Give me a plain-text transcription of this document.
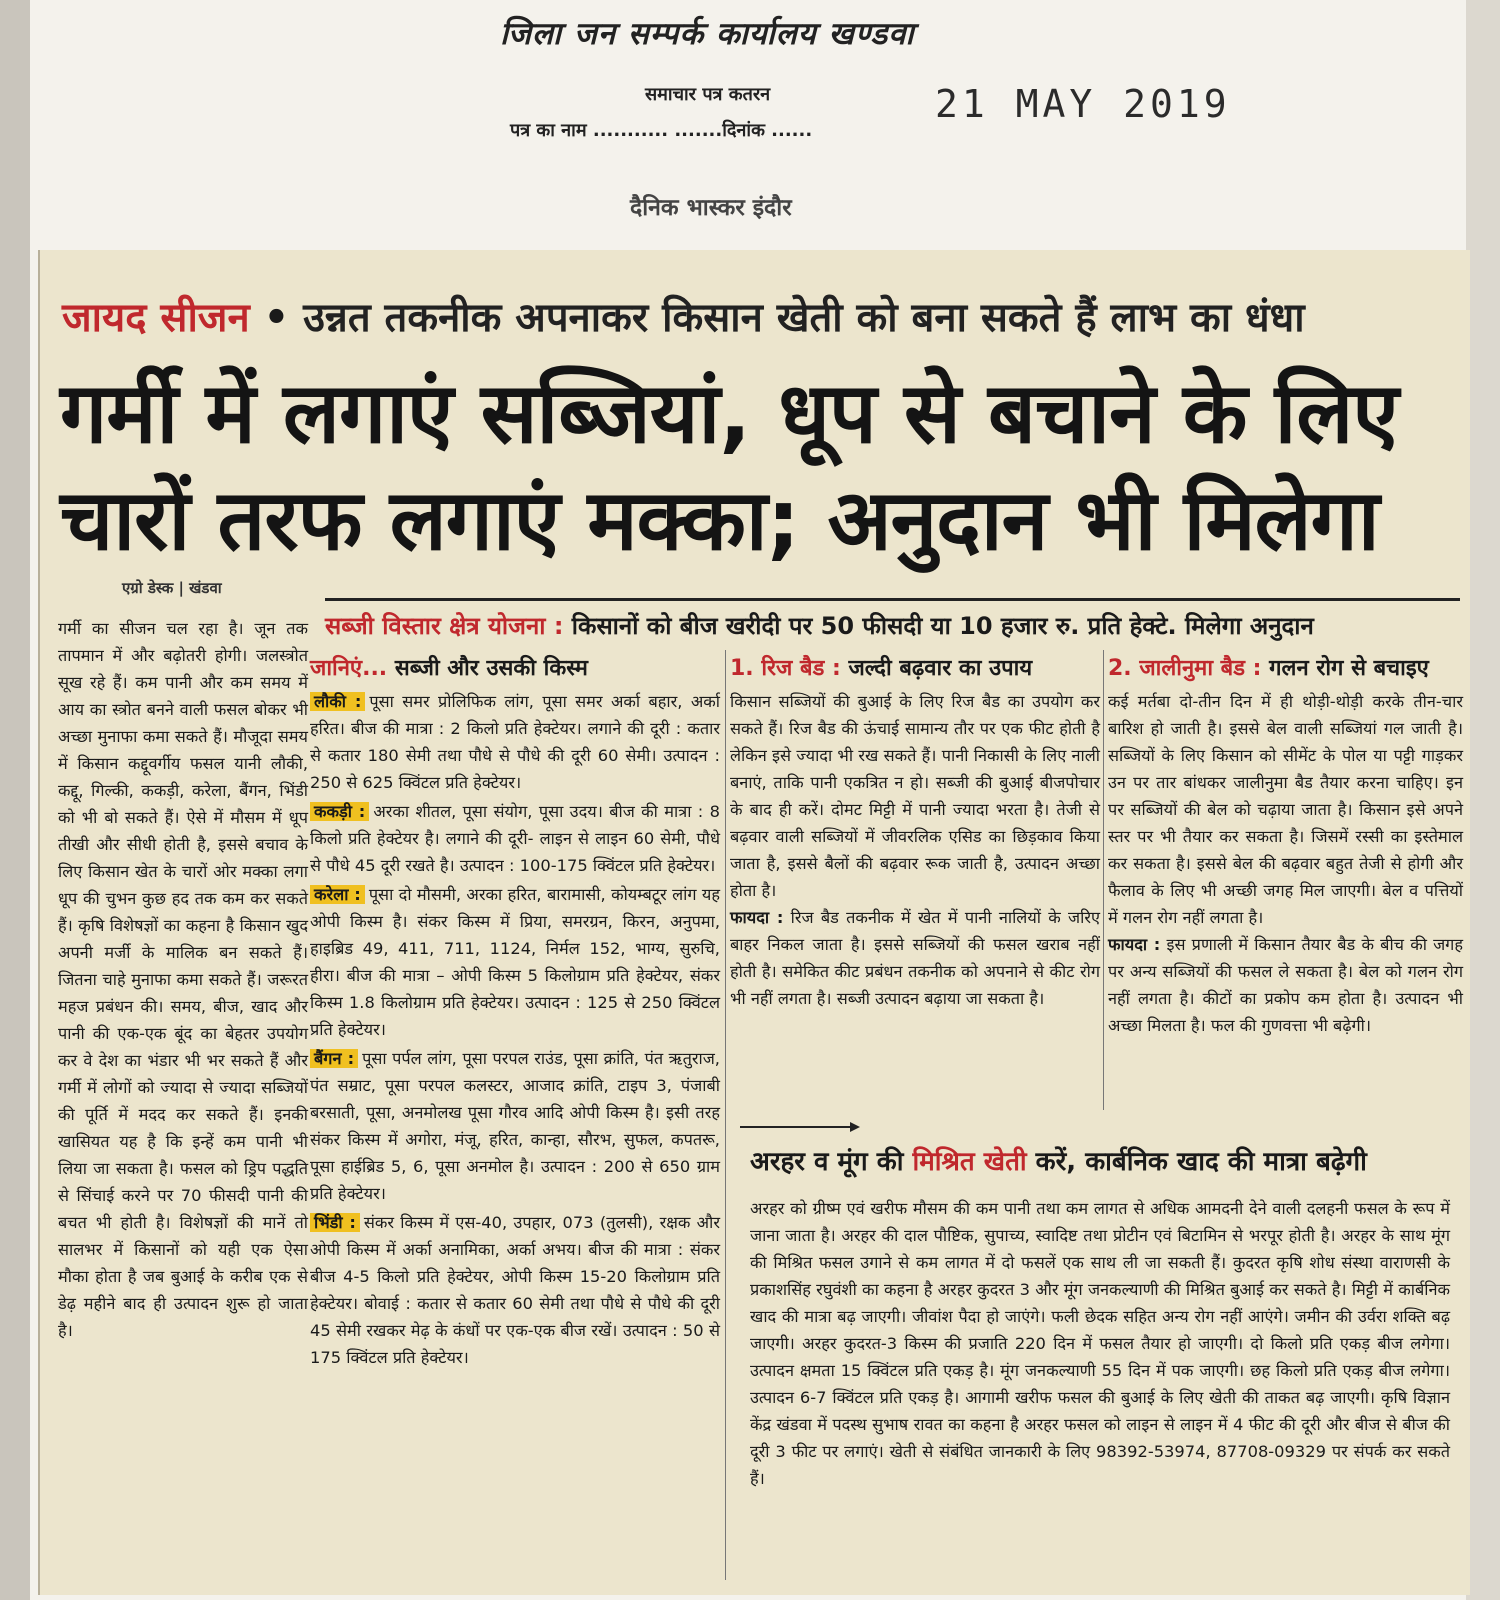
जिला जन सम्पर्क कार्यालय खण्डवा
समाचार पत्र कतरन
पत्र का नाम ........... .......दिनांक ......
21 MAY 2019
दैनिक भास्कर इंदौर
जायद सीजन • उन्नत तकनीक अपनाकर किसान खेती को बना सकते हैं लाभ का धंधा
गर्मी में लगाएं सब्जियां, धूप से बचाने के लिए चारों तरफ लगाएं मक्का; अनुदान भी मिलेगा
एग्रो डेस्क | खंडवा
सब्जी विस्तार क्षेत्र योजना : किसानों को बीज खरीदी पर 50 फीसदी या 10 हजार रु. प्रति हेक्टे. मिलेगा अनुदान
गर्मी का सीजन चल रहा है। जून तक तापमान में और बढ़ोतरी होगी। जलस्त्रोत सूख रहे हैं। कम पानी और कम समय में आय का स्त्रोत बनने वाली फसल बोकर भी अच्छा मुनाफा कमा सकते हैं। मौजूदा समय में किसान कद्दूवर्गीय फसल यानी लौकी, कद्दू, गिल्की, ककड़ी, करेला, बैंगन, भिंडी को भी बो सकते हैं। ऐसे में मौसम में धूप तीखी और सीधी होती है, इससे बचाव के लिए किसान खेत के चारों ओर मक्का लगा धूप की चुभन कुछ हद तक कम कर सकते हैं। कृषि विशेषज्ञों का कहना है किसान खुद अपनी मर्जी के मालिक बन सकते हैं। जितना चाहे मुनाफा कमा सकते हैं। जरूरत महज प्रबंधन की। समय, बीज, खाद और पानी की एक-एक बूंद का बेहतर उपयोग कर वे देश का भंडार भी भर सकते हैं और गर्मी में लोगों को ज्यादा से ज्यादा सब्जियों की पूर्ति में मदद कर सकते हैं। इनकी खासियत यह है कि इन्हें कम पानी भी लिया जा सकता है। फसल को ड्रिप पद्धति से सिंचाई करने पर 70 फीसदी पानी की बचत भी होती है। विशेषज्ञों की मानें तो सालभर में किसानों को यही एक ऐसा मौका होता है जब बुआई के करीब एक से डेढ़ महीने बाद ही उत्पादन शुरू हो जाता है।
जानिएं... सब्जी और उसकी किस्म
लौकी : पूसा समर प्रोलिफिक लांग, पूसा समर अर्का बहार, अर्का हरित। बीज की मात्रा : 2 किलो प्रति हेक्टेयर। लगाने की दूरी : कतार से कतार 180 सेमी तथा पौधे से पौधे की दूरी 60 सेमी। उत्पादन : 250 से 625 क्विंटल प्रति हेक्टेयर।
ककड़ी : अरका शीतल, पूसा संयोग, पूसा उदय। बीज की मात्रा : 8 किलो प्रति हेक्टेयर है। लगाने की दूरी- लाइन से लाइन 60 सेमी, पौधे से पौधे 45 दूरी रखते है। उत्पादन : 100-175 क्विंटल प्रति हेक्टेयर।
करेला : पूसा दो मौसमी, अरका हरित, बारामासी, कोयम्बटूर लांग यह ओपी किस्म है। संकर किस्म में प्रिया, समरग्रन, किरन, अनुपमा, हाइब्रिड 49, 411, 711, 1124, निर्मल 152, भाग्य, सुरुचि, हीरा। बीज की मात्रा – ओपी किस्म 5 किलोग्राम प्रति हेक्टेयर, संकर किस्म 1.8 किलोग्राम प्रति हेक्टेयर। उत्पादन : 125 से 250 क्विंटल प्रति हेक्टेयर।
बैंगन : पूसा पर्पल लांग, पूसा परपल राउंड, पूसा क्रांति, पंत ऋतुराज, पंत सम्राट, पूसा परपल कलस्टर, आजाद क्रांति, टाइप 3, पंजाबी बरसाती, पूसा, अनमोलख पूसा गौरव आदि ओपी किस्म है। इसी तरह संकर किस्म में अगोरा, मंजू, हरित, कान्हा, सौरभ, सुफल, कपतरू, पूसा हाईब्रिड 5, 6, पूसा अनमोल है। उत्पादन : 200 से 650 ग्राम प्रति हेक्टेयर।
भिंडी : संकर किस्म में एस-40, उपहार, 073 (तुलसी), रक्षक और ओपी किस्म में अर्का अनामिका, अर्का अभय। बीज की मात्रा : संकर बीज 4-5 किलो प्रति हेक्टेयर, ओपी किस्म 15-20 किलोग्राम प्रति हेक्टेयर। बोवाई : कतार से कतार 60 सेमी तथा पौधे से पौधे की दूरी 45 सेमी रखकर मेढ़ के कंधों पर एक-एक बीज रखें। उत्पादन : 50 से 175 क्विंटल प्रति हेक्टेयर।
1. रिज बैड : जल्दी बढ़वार का उपाय
किसान सब्जियों की बुआई के लिए रिज बैड का उपयोग कर सकते हैं। रिज बैड की ऊंचाई सामान्य तौर पर एक फीट होती है लेकिन इसे ज्यादा भी रख सकते हैं। पानी निकासी के लिए नाली बनाएं, ताकि पानी एकत्रित न हो। सब्जी की बुआई बीजपोचार के बाद ही करें। दोमट मिट्टी में पानी ज्यादा भरता है। तेजी से बढ़वार वाली सब्जियों में जीवरलिक एसिड का छिड़काव किया जाता है, इससे बैलों की बढ़वार रूक जाती है, उत्पादन अच्छा होता है।
फायदा : रिज बैड तकनीक में खेत में पानी नालियों के जरिए बाहर निकल जाता है। इससे सब्जियों की फसल खराब नहीं होती है। समेकित कीट प्रबंधन तकनीक को अपनाने से कीट रोग भी नहीं लगता है। सब्जी उत्पादन बढ़ाया जा सकता है।
2. जालीनुमा बैड : गलन रोग से बचाइए
कई मर्तबा दो-तीन दिन में ही थोड़ी-थोड़ी करके तीन-चार बारिश हो जाती है। इससे बेल वाली सब्जियां गल जाती है। सब्जियों के लिए किसान को सीमेंट के पोल या पट्टी गाड़कर उन पर तार बांधकर जालीनुमा बैड तैयार करना चाहिए। इन पर सब्जियों की बेल को चढ़ाया जाता है। किसान इसे अपने स्तर पर भी तैयार कर सकता है। जिसमें रस्सी का इस्तेमाल कर सकता है। इससे बेल की बढ़वार बहुत तेजी से होगी और फैलाव के लिए भी अच्छी जगह मिल जाएगी। बेल व पत्तियों में गलन रोग नहीं लगता है।
फायदा : इस प्रणाली में किसान तैयार बैड के बीच की जगह पर अन्य सब्जियों की फसल ले सकता है। बेल को गलन रोग नहीं लगता है। कीटों का प्रकोप कम होता है। उत्पादन भी अच्छा मिलता है। फल की गुणवत्ता भी बढ़ेगी।
अरहर व मूंग की मिश्रित खेती करें, कार्बनिक खाद की मात्रा बढ़ेगी
अरहर को ग्रीष्म एवं खरीफ मौसम की कम पानी तथा कम लागत से अधिक आमदनी देने वाली दलहनी फसल के रूप में जाना जाता है। अरहर की दाल पौष्टिक, सुपाच्य, स्वादिष्ट तथा प्रोटीन एवं बिटामिन से भरपूर होती है। अरहर के साथ मूंग की मिश्रित फसल उगाने से कम लागत में दो फसलें एक साथ ली जा सकती हैं। कुदरत कृषि शोध संस्था वाराणसी के प्रकाशसिंह रघुवंशी का कहना है अरहर कुदरत 3 और मूंग जनकल्याणी की मिश्रित बुआई कर सकते है। मिट्टी में कार्बनिक खाद की मात्रा बढ़ जाएगी। जीवांश पैदा हो जाएंगे। फली छेदक सहित अन्य रोग नहीं आएंगे। जमीन की उर्वरा शक्ति बढ़ जाएगी। अरहर कुदरत-3 किस्म की प्रजाति 220 दिन में फसल तैयार हो जाएगी। दो किलो प्रति एकड़ बीज लगेगा। उत्पादन क्षमता 15 क्विंटल प्रति एकड़ है। मूंग जनकल्याणी 55 दिन में पक जाएगी। छह किलो प्रति एकड़ बीज लगेगा। उत्पादन 6-7 क्विंटल प्रति एकड़ है। आगामी खरीफ फसल की बुआई के लिए खेती की ताकत बढ़ जाएगी। कृषि विज्ञान केंद्र खंडवा में पदस्थ सुभाष रावत का कहना है अरहर फसल को लाइन से लाइन में 4 फीट की दूरी और बीज से बीज की दूरी 3 फीट पर लगाएं। खेती से संबंधित जानकारी के लिए 98392-53974, 87708-09329 पर संपर्क कर सकते हैं।
